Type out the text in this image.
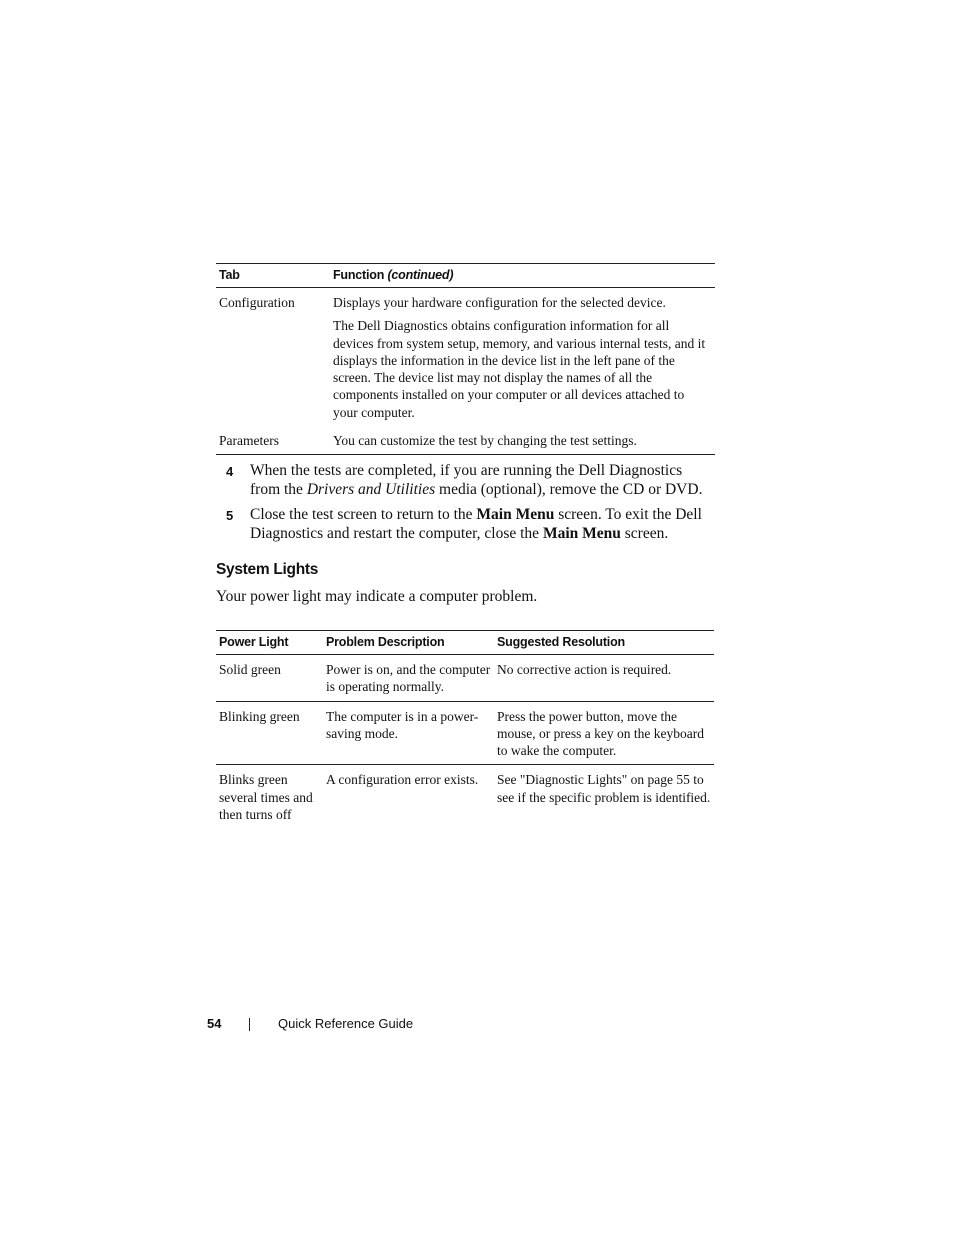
Tab	Function (continued)
Configuration	Displays your hardware configuration for the selected device.

The Dell Diagnostics obtains configuration information for all devices from system setup, memory, and various internal tests, and it displays the information in the device list in the left pane of the screen. The device list may not display the names of all the components installed on your computer or all devices attached to your computer.

Parameters	You can customize the test by changing the test settings.

4 When the tests are completed, if you are running the Dell Diagnostics from the Drivers and Utilities media (optional), remove the CD or DVD.
5 Close the test screen to return to the Main Menu screen. To exit the Dell Diagnostics and restart the computer, close the Main Menu screen.
System Lights

Your power light may indicate a computer problem.

Power Light	Problem Description	Suggested Resolution
Solid green	Power is on, and the computer is operating normally.	No corrective action is required.
Blinking green	The computer is in a power-saving mode.	Press the power button, move the mouse, or press a key on the keyboard to wake the computer.
Blinks green several times and then turns off	A configuration error exists.	See "Diagnostic Lights" on page 55 to see if the specific problem is identified.
54	Quick Reference Guide
